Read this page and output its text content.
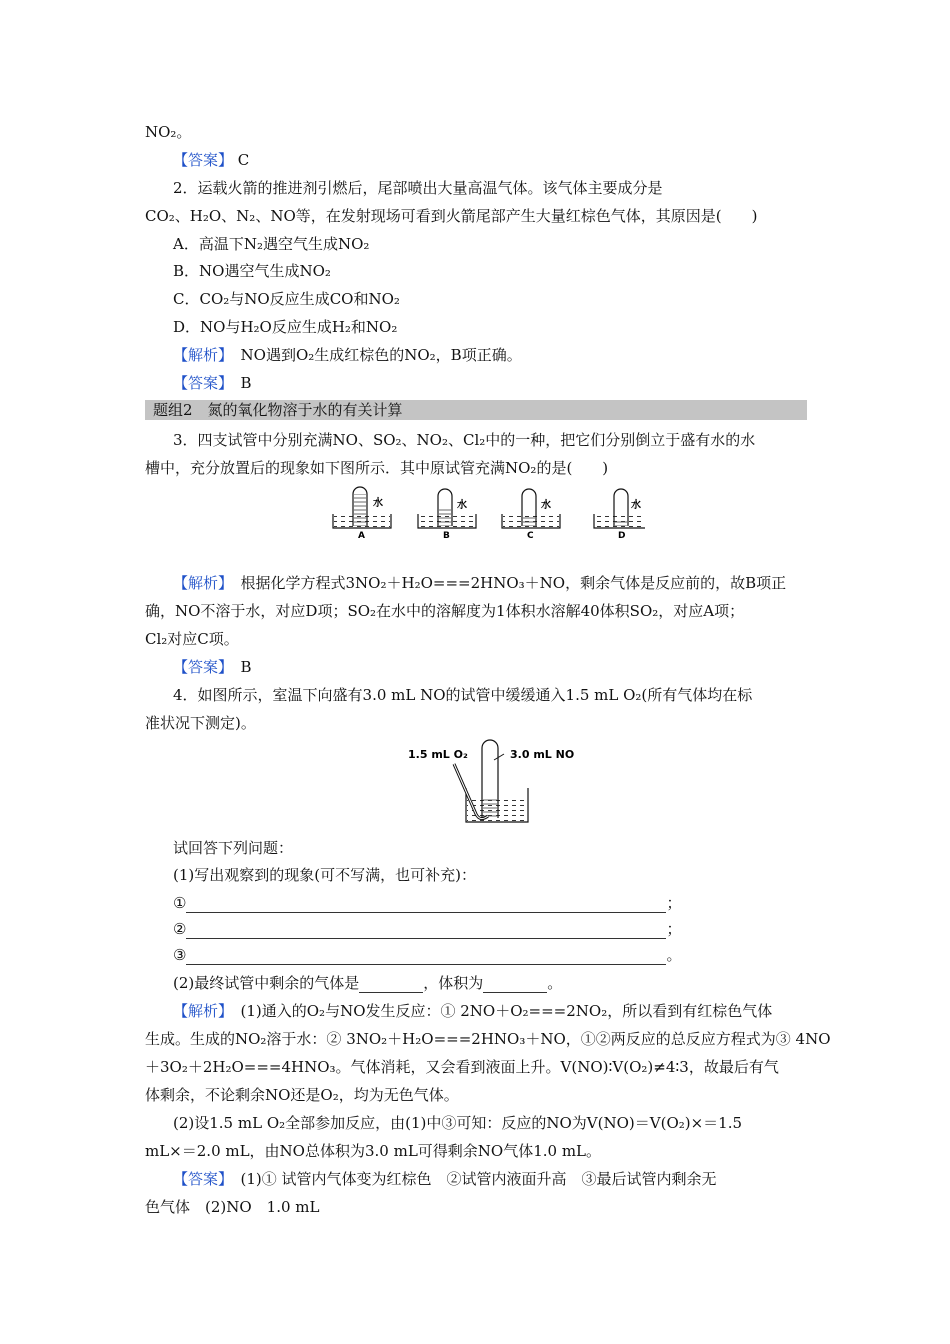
NO₂。
【答案】 C
2．运载火箭的推进剂引燃后，尾部喷出大量高温气体。该气体主要成分是
CO₂、H₂O、N₂、NO等，在发射现场可看到火箭尾部产生大量红棕色气体，其原因是(　　)
A．高温下N₂遇空气生成NO₂
B．NO遇空气生成NO₂
C．CO₂与NO反应生成CO和NO₂
D．NO与H₂O反应生成H₂和NO₂
【解析】　NO遇到O₂生成红棕色的NO₂，B项正确。
【答案】　B
题组2　氮的氧化物溶于水的有关计算
3．四支试管中分别充满NO、SO₂、NO₂、Cl₂中的一种，把它们分别倒立于盛有水的水
槽中，充分放置后的现象如下图所示．其中原试管充满NO₂的是(　　)
水
A
水
B
水
C
水
D
【解析】　根据化学方程式3NO₂＋H₂O===2HNO₃＋NO，剩余气体是反应前的，故B项正
确，NO不溶于水，对应D项；SO₂在水中的溶解度为1体积水溶解40体积SO₂，对应A项；
Cl₂对应C项。
【答案】　B
4．如图所示，室温下向盛有3.0 mL NO的试管中缓缓通入1.5 mL O₂(所有气体均在标
准状况下测定)。
1.5 mL O₂	3.0 mL NO
试回答下列问题：
(1)写出观察到的现象(可不写满，也可补充)：
①	；
②	；
③	。
(2)最终试管中剩余的气体是	，体积为	。
【解析】　(1)通入的O₂与NO发生反应：① 2NO＋O₂===2NO₂，所以看到有红棕色气体
生成。生成的NO₂溶于水：② 3NO₂＋H₂O===2HNO₃＋NO，①②两反应的总反应方程式为③ 4NO
＋3O₂＋2H₂O===4HNO₃。气体消耗，又会看到液面上升。V(NO)∶V(O₂)≠4∶3，故最后有气
体剩余，不论剩余NO还是O₂，均为无色气体。
(2)设1.5 mL O₂全部参加反应，由(1)中③可知：反应的NO为V(NO)＝V(O₂)×＝1.5
mL×＝2.0 mL，由NO总体积为3.0 mL可得剩余NO气体1.0 mL。
【答案】　(1)① 试管内气体变为红棕色　②试管内液面升高　③最后试管内剩余无
色气体　(2)NO　1.0 mL
